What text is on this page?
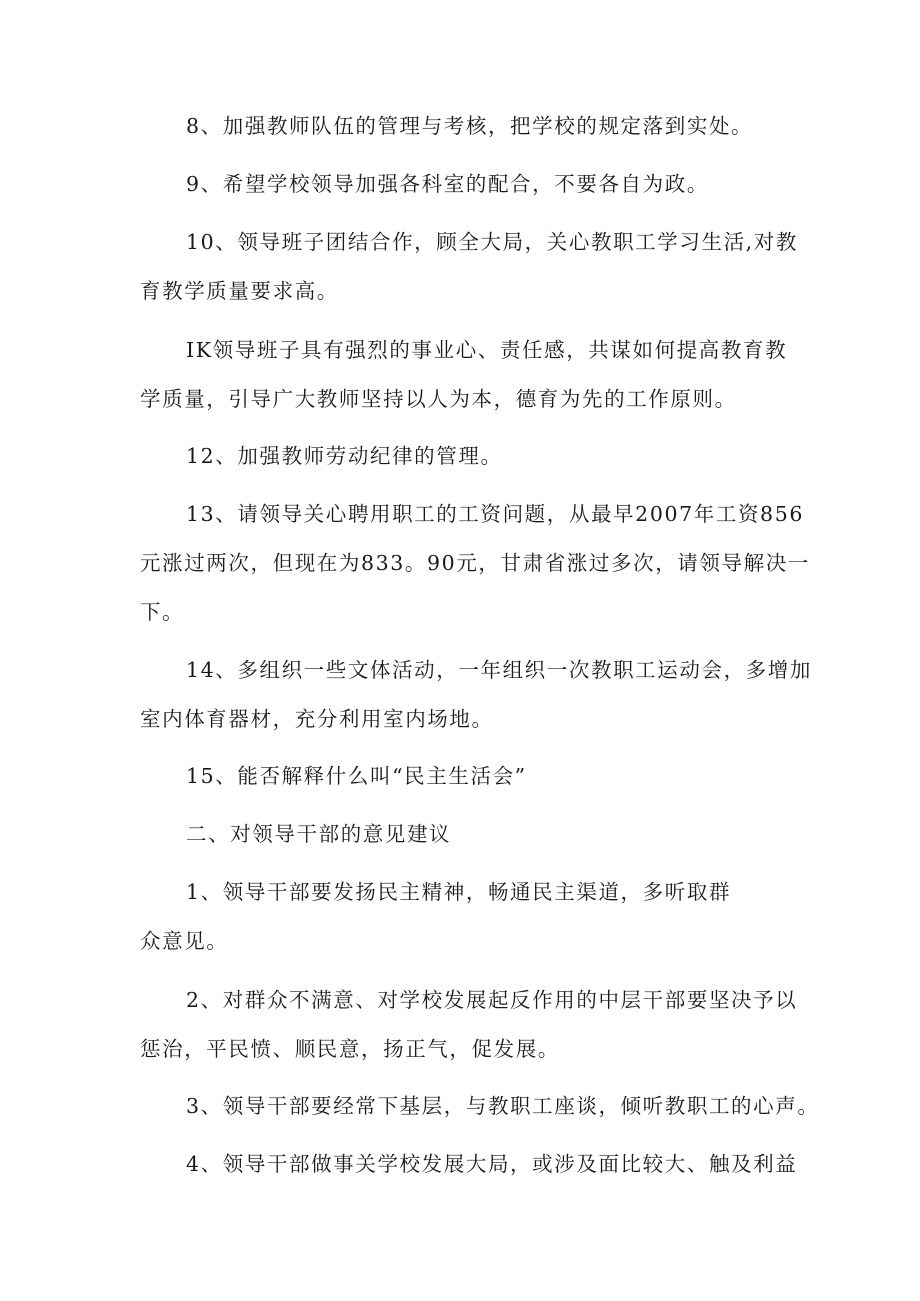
8、加强教师队伍的管理与考核，把学校的规定落到实处。
9、希望学校领导加强各科室的配合，不要各自为政。
10、领导班子团结合作，顾全大局，关心教职工学习生活,对教
育教学质量要求高。
IK领导班子具有强烈的事业心、责任感，共谋如何提高教育教
学质量，引导广大教师坚持以人为本，德育为先的工作原则。
12、加强教师劳动纪律的管理。
13、请领导关心聘用职工的工资问题，从最早2007年工资856
元涨过两次，但现在为833。90元，甘肃省涨过多次，请领导解决一
下。
14、多组织一些文体活动，一年组织一次教职工运动会，多增加
室内体育器材，充分利用室内场地。
15、能否解释什么叫“民主生活会”
二、对领导干部的意见建议
1、领导干部要发扬民主精神，畅通民主渠道，多听取群
众意见。
2、对群众不满意、对学校发展起反作用的中层干部要坚决予以
惩治，平民愤、顺民意，扬正气，促发展。
3、领导干部要经常下基层，与教职工座谈，倾听教职工的心声。
4、领导干部做事关学校发展大局，或涉及面比较大、触及利益
